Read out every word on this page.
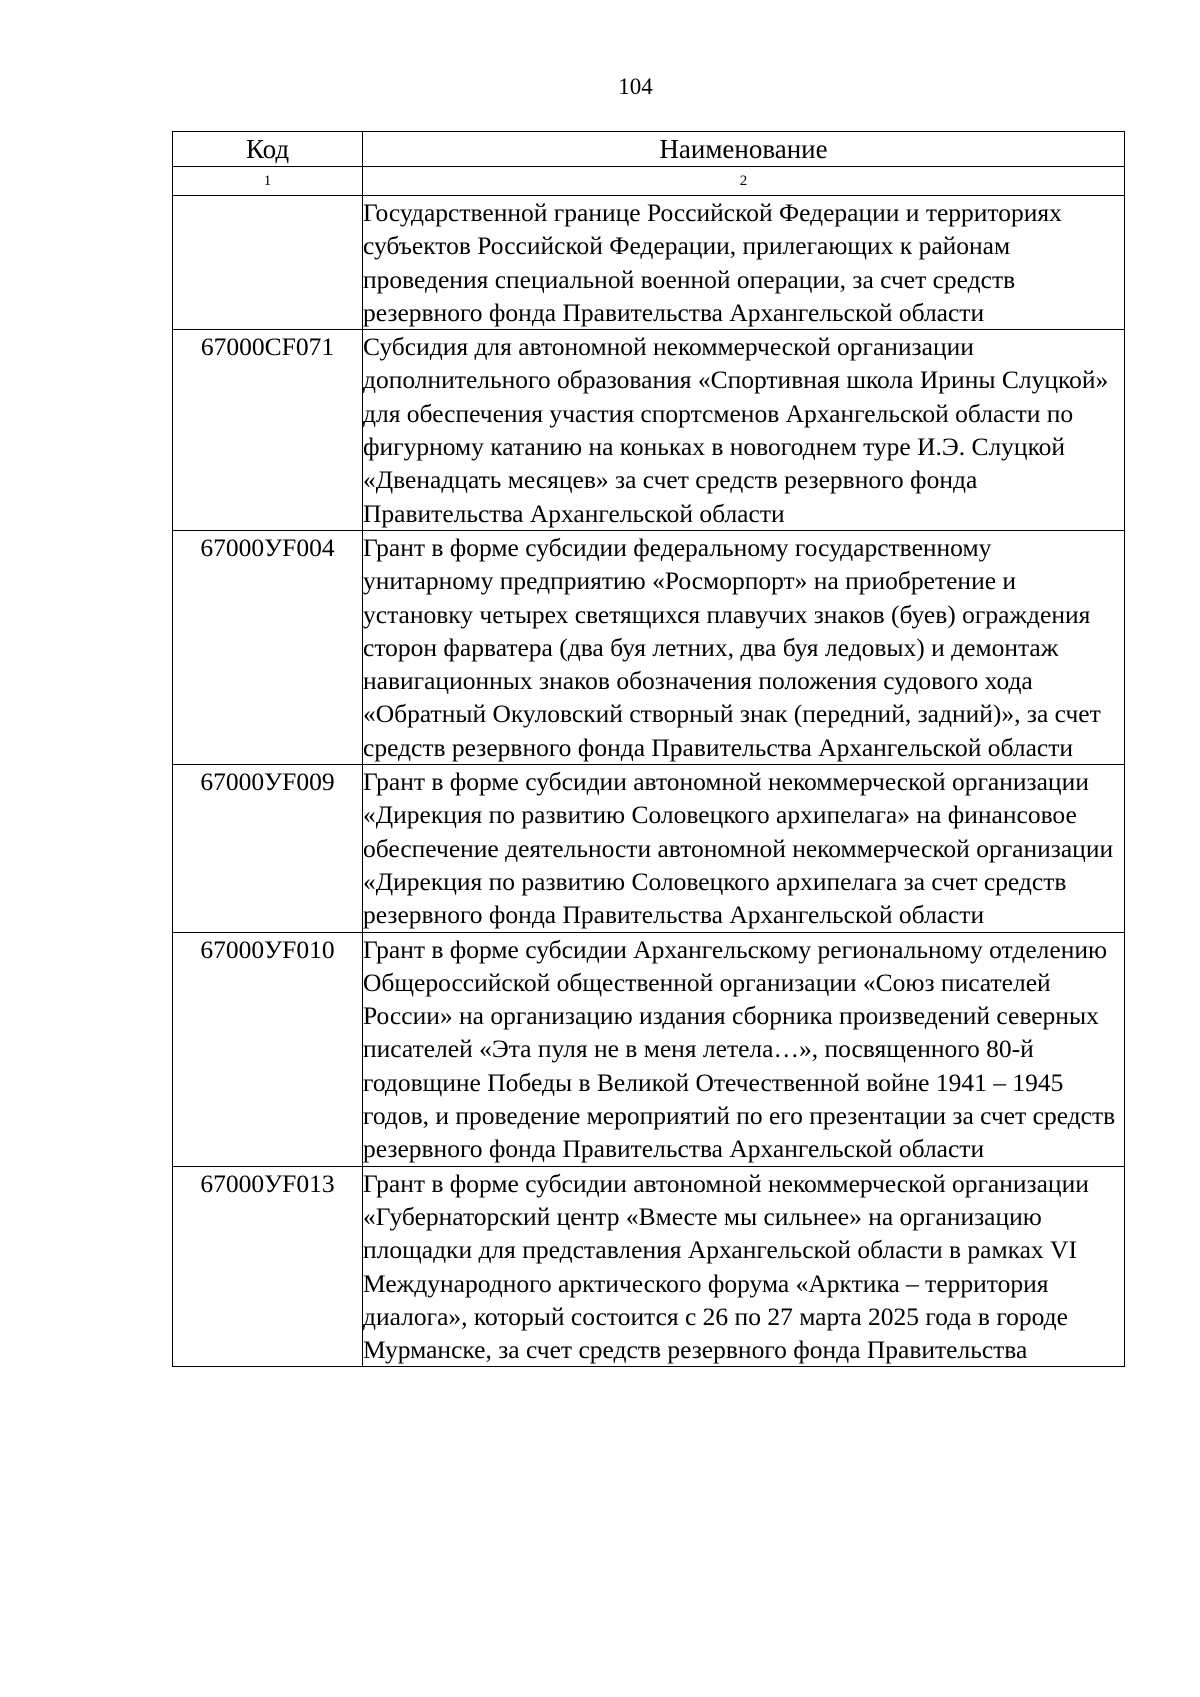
104
Код	Наименование
1	2
	Государственной границе Российской Федерации и территориях субъектов Российской Федерации, прилегающих к районам проведения специальной военной операции, за счет средств резервного фонда Правительства Архангельской области
67000CF071	Субсидия для автономной некоммерческой организации дополнительного образования «Спортивная школа Ирины Слуцкой» для обеспечения участия спортсменов Архангельской области по фигурному катанию на коньках в новогоднем туре И.Э. Слуцкой «Двенадцать месяцев» за счет средств резервного фонда Правительства Архангельской области
67000УF004	Грант в форме субсидии федеральному государственному унитарному предприятию «Росморпорт» на приобретение и установку четырех светящихся плавучих знаков (буев) ограждения сторон фарватера (два буя летних, два буя ледовых) и демонтаж навигационных знаков обозначения положения судового хода «Обратный Окуловский створный знак (передний, задний)», за счет средств резервного фонда Правительства Архангельской области
67000УF009	Грант в форме субсидии автономной некоммерческой организации «Дирекция по развитию Соловецкого архипелага» на финансовое обеспечение деятельности автономной некоммерческой организации «Дирекция по развитию Соловецкого архипелага за счет средств резервного фонда Правительства Архангельской области
67000УF010	Грант в форме субсидии Архангельскому региональному отделению Общероссийской общественной организации «Союз писателей России» на организацию издания сборника произведений северных писателей «Эта пуля не в меня летела…», посвященного 80-й годовщине Победы в Великой Отечественной войне 1941 – 1945 годов, и проведение мероприятий по его презентации за счет средств резервного фонда Правительства Архангельской области
67000УF013	Грант в форме субсидии автономной некоммерческой организации «Губернаторский центр «Вместе мы сильнее» на организацию площадки для представления Архангельской области в рамках VI Международного арктического форума «Арктика – территория диалога», который состоится с 26 по 27 марта 2025 года в городе Мурманске, за счет средств резервного фонда Правительства
